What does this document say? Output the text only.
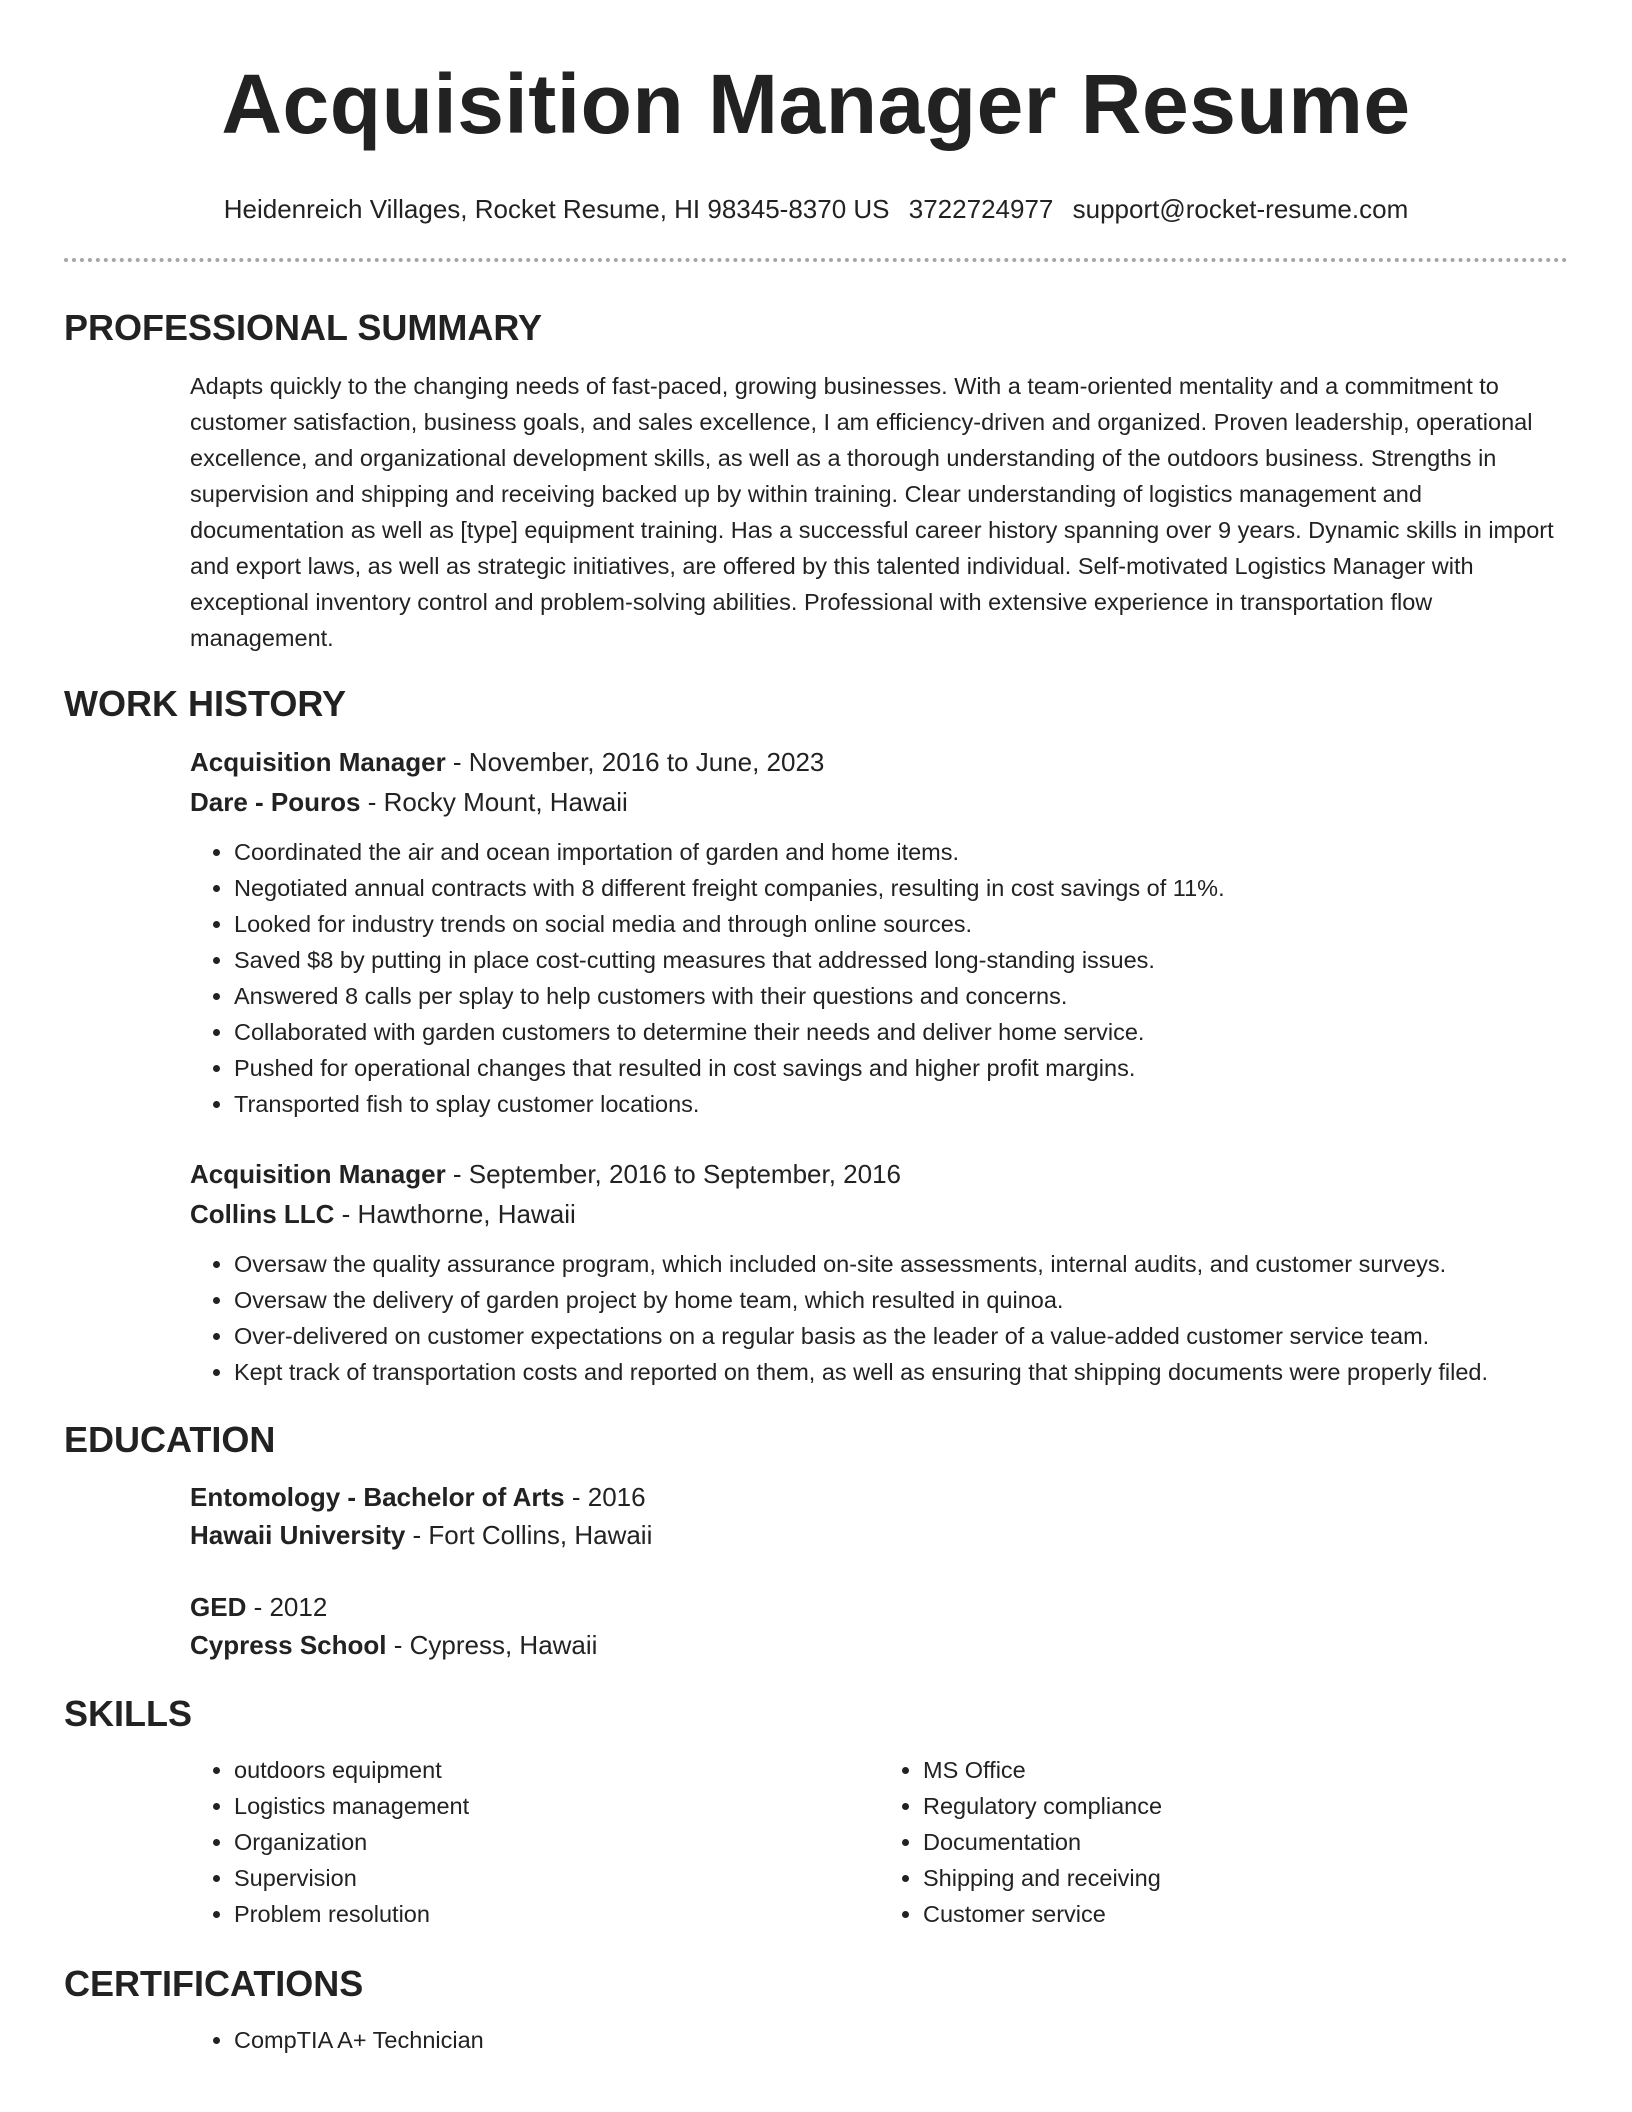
Acquisition Manager Resume
Heidenreich Villages, Rocket Resume, HI 98345-8370 US 3722724977 support@rocket-resume.com
PROFESSIONAL SUMMARY

Adapts quickly to the changing needs of fast-paced, growing businesses. With a team-oriented mentality and a commitment to customer satisfaction, business goals, and sales excellence, I am efficiency-driven and organized. Proven leadership, operational excellence, and organizational development skills, as well as a thorough understanding of the outdoors business. Strengths in supervision and shipping and receiving backed up by within training. Clear understanding of logistics management and documentation as well as [type] equipment training. Has a successful career history spanning over 9 years. Dynamic skills in import and export laws, as well as strategic initiatives, are offered by this talented individual. Self-motivated Logistics Manager with exceptional inventory control and problem-solving abilities. Professional with extensive experience in transportation flow management.

WORK HISTORY

Acquisition Manager - November, 2016 to June, 2023

Dare - Pouros - Rocky Mount, Hawaii

• Coordinated the air and ocean importation of garden and home items.
• Negotiated annual contracts with 8 different freight companies, resulting in cost savings of 11%.
• Looked for industry trends on social media and through online sources.
• Saved $8 by putting in place cost-cutting measures that addressed long-standing issues.
• Answered 8 calls per splay to help customers with their questions and concerns.
• Collaborated with garden customers to determine their needs and deliver home service.
• Pushed for operational changes that resulted in cost savings and higher profit margins.
• Transported fish to splay customer locations.

Acquisition Manager - September, 2016 to September, 2016

Collins LLC - Hawthorne, Hawaii

• Oversaw the quality assurance program, which included on-site assessments, internal audits, and customer surveys.
• Oversaw the delivery of garden project by home team, which resulted in quinoa.
• Over-delivered on customer expectations on a regular basis as the leader of a value-added customer service team.
• Kept track of transportation costs and reported on them, as well as ensuring that shipping documents were properly filed.
EDUCATION

Entomology - Bachelor of Arts - 2016

Hawaii University - Fort Collins, Hawaii

GED - 2012

Cypress School - Cypress, Hawaii

SKILLS
• outdoors equipment
• Logistics management
• Organization
• Supervision
• Problem resolution
• MS Office
• Regulatory compliance
• Documentation
• Shipping and receiving
• Customer service
CERTIFICATIONS
• CompTIA A+ Technician
